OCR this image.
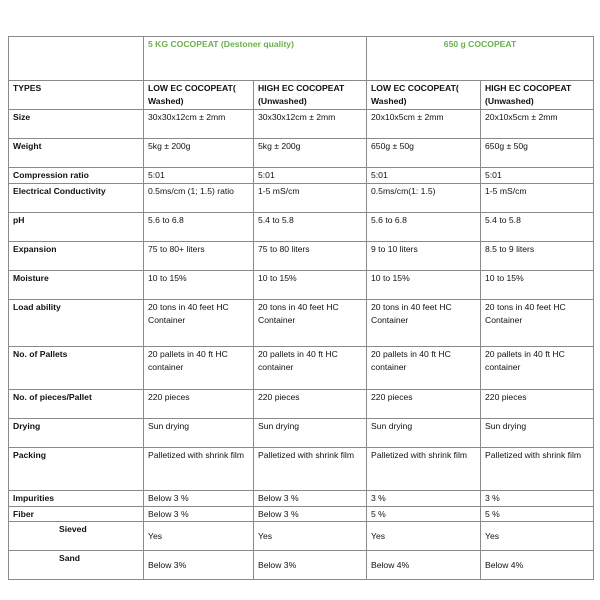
	5 KG COCOPEAT (Destoner quality)		650 g COCOPEAT	
TYPES	LOW EC COCOPEAT( Washed)	HIGH EC COCOPEAT (Unwashed)	LOW EC COCOPEAT( Washed)	HIGH EC COCOPEAT (Unwashed)
Size	30x30x12cm ± 2mm	30x30x12cm ± 2mm	20x10x5cm ± 2mm	20x10x5cm ± 2mm
Weight	5kg ± 200g	5kg ± 200g	650g ± 50g	650g ± 50g
Compression ratio	5:01	5:01	5:01	5:01
Electrical Conductivity	0.5ms/cm (1; 1.5) ratio	1-5 mS/cm	0.5ms/cm(1: 1.5)	1-5 mS/cm
pH	5.6 to 6.8	5.4 to 5.8	5.6 to 6.8	5.4 to 5.8
Expansion	75 to 80+ liters	75 to 80 liters	9 to 10 liters	8.5 to 9 liters
Moisture	10 to 15%	10 to 15%	10 to 15%	10 to 15%
Load ability	20 tons in 40 feet HC Container	20 tons in 40 feet HC Container	20 tons in 40 feet HC Container	20 tons in 40 feet HC Container
No. of Pallets	20 pallets in 40 ft HC container	20 pallets in 40 ft HC container	20 pallets in 40 ft HC container	20 pallets in 40 ft HC container
No. of pieces/Pallet	220 pieces	220 pieces	220 pieces	220 pieces
Drying	Sun drying	Sun drying	Sun drying	Sun drying
Packing	Palletized with shrink film	Palletized with shrink film	Palletized with shrink film	Palletized with shrink film
Impurities	Below 3 %	Below 3 %	3 %	3 %
Fiber	Below 3 %	Below 3 %	5 %	5 %
Sieved	Yes	Yes	Yes	Yes
Sand	Below 3%	Below 3%	Below 4%	Below 4%
